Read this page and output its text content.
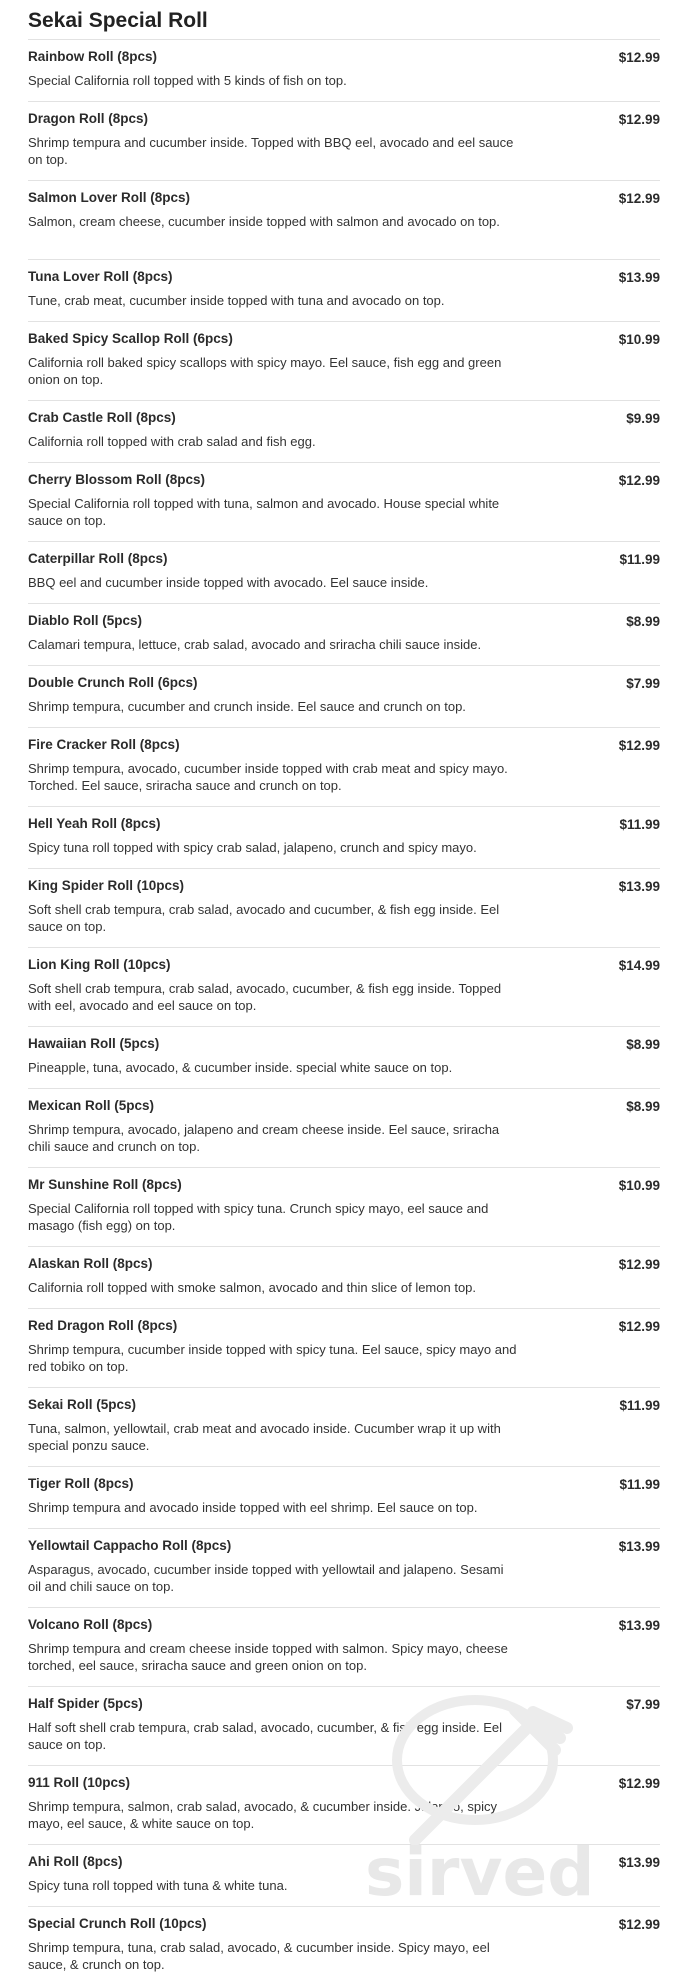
Sekai Special Roll
Rainbow Roll (8pcs)
Special California roll topped with 5 kinds of fish on top.
$12.99
Dragon Roll (8pcs)
Shrimp tempura and cucumber inside. Topped with BBQ eel, avocado and eel sauce on top.
$12.99
Salmon Lover Roll (8pcs)
Salmon, cream cheese, cucumber inside topped with salmon and avocado on top.
$12.99
Tuna Lover Roll (8pcs)
Tune, crab meat, cucumber inside topped with tuna and avocado on top.
$13.99
Baked Spicy Scallop Roll (6pcs)
California roll baked spicy scallops with spicy mayo. Eel sauce, fish egg and green onion on top.
$10.99
Crab Castle Roll (8pcs)
California roll topped with crab salad and fish egg.
$9.99
Cherry Blossom Roll (8pcs)
Special California roll topped with tuna, salmon and avocado. House special white sauce on top.
$12.99
Caterpillar Roll (8pcs)
BBQ eel and cucumber inside topped with avocado. Eel sauce inside.
$11.99
Diablo Roll (5pcs)
Calamari tempura, lettuce, crab salad, avocado and sriracha chili sauce inside.
$8.99
Double Crunch Roll (6pcs)
Shrimp tempura, cucumber and crunch inside. Eel sauce and crunch on top.
$7.99
Fire Cracker Roll (8pcs)
Shrimp tempura, avocado, cucumber inside topped with crab meat and spicy mayo. Torched. Eel sauce, sriracha sauce and crunch on top.
$12.99
Hell Yeah Roll (8pcs)
Spicy tuna roll topped with spicy crab salad, jalapeno, crunch and spicy mayo.
$11.99
King Spider Roll (10pcs)
Soft shell crab tempura, crab salad, avocado and cucumber, & fish egg inside. Eel sauce on top.
$13.99
Lion King Roll (10pcs)
Soft shell crab tempura, crab salad, avocado, cucumber, & fish egg inside. Topped with eel, avocado and eel sauce on top.
$14.99
Hawaiian Roll (5pcs)
Pineapple, tuna, avocado, & cucumber inside. special white sauce on top.
$8.99
Mexican Roll (5pcs)
Shrimp tempura, avocado, jalapeno and cream cheese inside. Eel sauce, sriracha chili sauce and crunch on top.
$8.99
Mr Sunshine Roll (8pcs)
Special California roll topped with spicy tuna. Crunch spicy mayo, eel sauce and masago (fish egg) on top.
$10.99
Alaskan Roll (8pcs)
California roll topped with smoke salmon, avocado and thin slice of lemon top.
$12.99
Red Dragon Roll (8pcs)
Shrimp tempura, cucumber inside topped with spicy tuna. Eel sauce, spicy mayo and red tobiko on top.
$12.99
Sekai Roll (5pcs)
Tuna, salmon, yellowtail, crab meat and avocado inside. Cucumber wrap it up with special ponzu sauce.
$11.99
Tiger Roll (8pcs)
Shrimp tempura and avocado inside topped with eel shrimp. Eel sauce on top.
$11.99
Yellowtail Cappacho Roll (8pcs)
Asparagus, avocado, cucumber inside topped with yellowtail and jalapeno. Sesami oil and chili sauce on top.
$13.99
Volcano Roll (8pcs)
Shrimp tempura and cream cheese inside topped with salmon. Spicy mayo, cheese torched, eel sauce, sriracha sauce and green onion on top.
$13.99
Half Spider (5pcs)
Half soft shell crab tempura, crab salad, avocado, cucumber, & fish egg inside. Eel sauce on top.
$7.99
911 Roll (10pcs)
Shrimp tempura, salmon, crab salad, avocado, & cucumber inside. Jalapeo, spicy mayo, eel sauce, & white sauce on top.
$12.99
Ahi Roll (8pcs)
Spicy tuna roll topped with tuna & white tuna.
$13.99
Special Crunch Roll (10pcs)
Shrimp tempura, tuna, crab salad, avocado, & cucumber inside. Spicy mayo, eel sauce, & crunch on top.
$12.99
sirved
